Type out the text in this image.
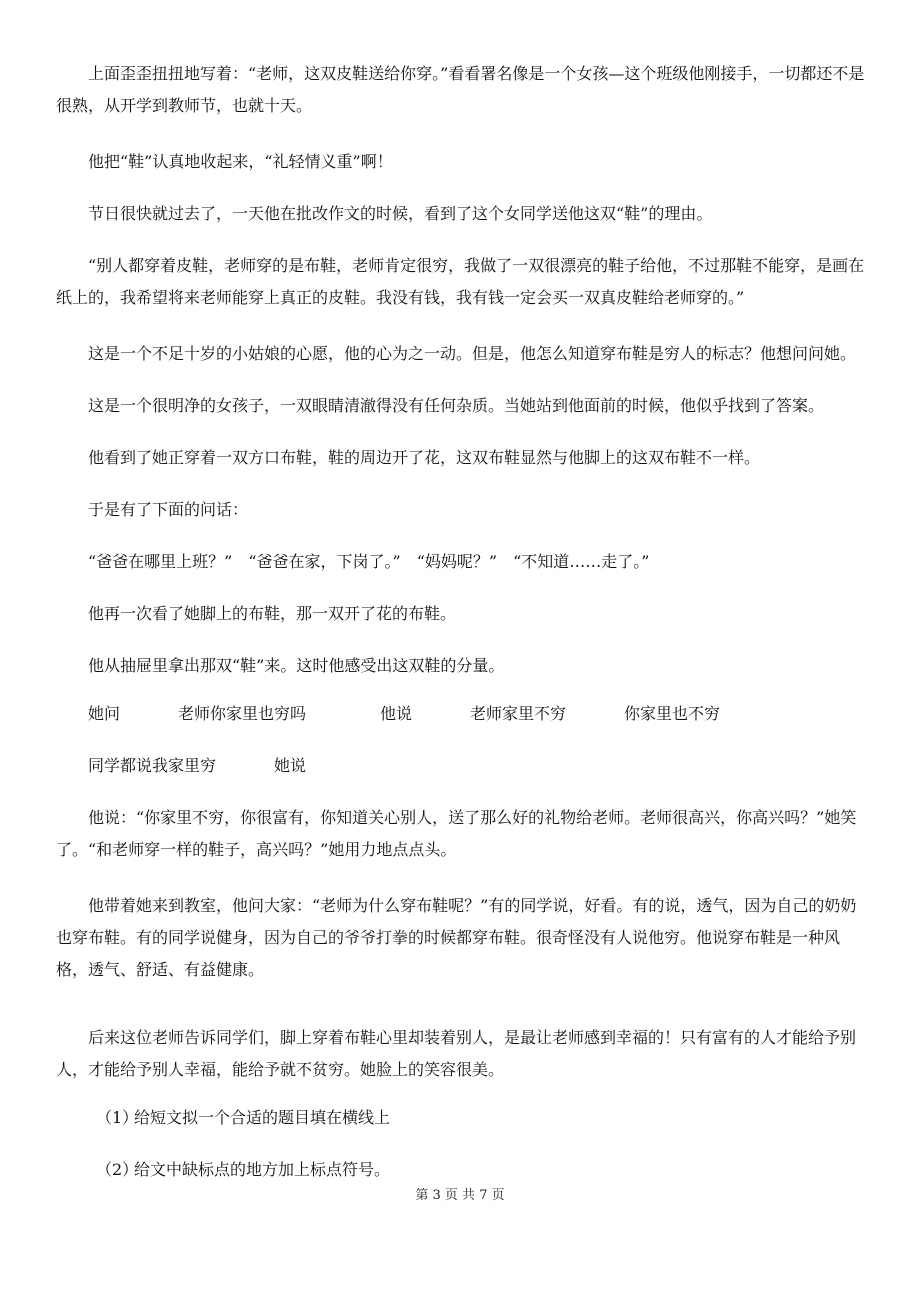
上面歪歪扭扭地写着：“老师，这双皮鞋送给你穿。”看看署名像是一个女孩—这个班级他刚接手，一切都还不是很熟，从开学到教师节，也就十天。

他把“鞋”认真地收起来，“礼轻情义重”啊！

节日很快就过去了，一天他在批改作文的时候，看到了这个女同学送他这双“鞋”的理由。

“别人都穿着皮鞋，老师穿的是布鞋，老师肯定很穷，我做了一双很漂亮的鞋子给他，不过那鞋不能穿，是画在纸上的，我希望将来老师能穿上真正的皮鞋。我没有钱，我有钱一定会买一双真皮鞋给老师穿的。”

这是一个不足十岁的小姑娘的心愿，他的心为之一动。但是，他怎么知道穿布鞋是穷人的标志？他想问问她。

这是一个很明净的女孩子，一双眼睛清澈得没有任何杂质。当她站到他面前的时候，他似乎找到了答案。

他看到了她正穿着一双方口布鞋，鞋的周边开了花，这双布鞋显然与他脚上的这双布鞋不一样。

于是有了下面的问话：

“爸爸在哪里上班？”　“爸爸在家，下岗了。”　“妈妈呢？”　“不知道……走了。”

他再一次看了她脚上的布鞋，那一双开了花的布鞋。

他从抽屉里拿出那双“鞋”来。这时他感受出这双鞋的分量。

她问	老师你家里也穷吗	他说	老师家里不穷	你家里也不穷
同学都说我家里穷	她说

他说：“你家里不穷，你很富有，你知道关心别人，送了那么好的礼物给老师。老师很高兴，你高兴吗？”她笑了。“和老师穿一样的鞋子，高兴吗？”她用力地点点头。

他带着她来到教室，他问大家：“老师为什么穿布鞋呢？”有的同学说，好看。有的说，透气，因为自己的奶奶也穿布鞋。有的同学说健身，因为自己的爷爷打拳的时候都穿布鞋。很奇怪没有人说他穷。他说穿布鞋是一种风格，透气、舒适、有益健康。

后来这位老师告诉同学们，脚上穿着布鞋心里却装着别人，是最让老师感到幸福的！只有富有的人才能给予别人，才能给予别人幸福，能给予就不贫穷。她脸上的笑容很美。

（1）给短文拟一个合适的题目填在横线上
（2）给文中缺标点的地方加上标点符号。
第 3 页 共 7 页
